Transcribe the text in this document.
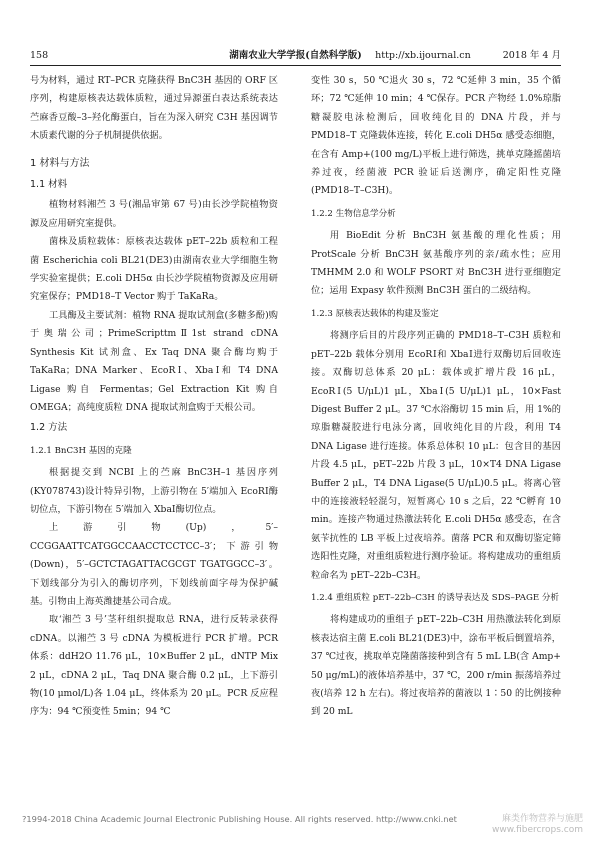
158	湖南农业大学学报(自然科学版)	http://xb.ijournal.cn	2018 年 4 月

号为材料，通过 RT–PCR 克隆获得 BnC3H 基因的 ORF 区序列，构建原核表达载体质粒，通过异源蛋白表达系统表达苎麻香豆酸–3–羟化酶蛋白，旨在为深入研究 C3H 基因调节木质素代谢的分子机制提供依据。

1 材料与方法

1.1 材料

植物材料湘苎 3 号(湘品审第 67 号)由长沙学院植物资源及应用研究室提供。

菌株及质粒载体：原核表达载体 pET–22b 质粒和工程菌 Escherichia coli BL21(DE3)由湖南农业大学细胞生物学实验室提供；E.coli DH5α 由长沙学院植物资源及应用研究室保存；PMD18–T Vector 购于 TaKaRa。

工具酶及主要试剂：植物 RNA 提取试剂盒(多糖多酚)购于奥瑞公司；PrimeScripttmⅡ1st strand cDNA Synthesis Kit 试剂盒、Ex Taq DNA 聚合酶均购于 TaKaRa；DNA Marker、EcoRⅠ、XbaⅠ和 T4 DNA Ligase 购自 Fermentas；Gel Extraction Kit 购自 OMEGA；高纯度质粒 DNA 提取试剂盒购于天根公司。

1.2 方法

1.2.1 BnC3H 基因的克隆

根据提交到 NCBI 上的苎麻 BnC3H–1 基因序列(KY078743)设计特异引物，上游引物在 5′端加入 EcoRⅠ酶切位点，下游引物在 5′端加入 XbaⅠ酶切位点。

上游引物(Up)，5′–CCGGAATTCATGGCCAACCTCCTCC–3′；下游引物(Down)，5′–GCTCTAGATTACGCGT TGATGGCC–3′。下划线部分为引入的酶切序列，下划线前面字母为保护碱基。引物由上海英潍捷基公司合成。

取‘湘苎 3 号’茎秆组织提取总 RNA，进行反转录获得 cDNA。以湘苎 3 号 cDNA 为模板进行 PCR 扩增。PCR 体系：ddH2O 11.76 μL，10×Buffer 2 μL，dNTP Mix 2 μL，cDNA 2 μL，Taq DNA 聚合酶 0.2 μL，上下游引物(10 μmol/L)各 1.04 μL，终体系为 20 μL。PCR 反应程序为：94 ℃预变性 5min；94 ℃

变性 30 s，50 ℃退火 30 s，72 ℃延伸 3 min，35 个循环；72 ℃延伸 10 min；4 ℃保存。PCR 产物经 1.0%琼脂糖凝胶电泳检测后，回收纯化目的 DNA 片段，并与 PMD18–T 克隆载体连接，转化 E.coli DH5α 感受态细胞，在含有 Amp+(100 mg/L)平板上进行筛选，挑单克隆摇菌培养过夜，经菌液 PCR 验证后送测序，确定阳性克隆(PMD18–T–C3H)。

1.2.2 生物信息学分析

用 BioEdit 分析 BnC3H 氨基酸的理化性质；用 ProtScale 分析 BnC3H 氨基酸序列的亲/疏水性；应用 TMHMM 2.0 和 WOLF PSORT 对 BnC3H 进行亚细胞定位；运用 Expasy 软件预测 BnC3H 蛋白的二级结构。

1.2.3 原核表达载体的构建及鉴定

将测序后目的片段序列正确的 PMD18–T–C3H 质粒和 pET–22b 载体分别用 EcoRⅠ和 XbaⅠ进行双酶切后回收连接。双酶切总体系 20 μL：载体或扩增片段 16 μL，EcoRⅠ(5 U/μL)1 μL，XbaⅠ(5 U/μL)1 μL，10×Fast Digest Buffer 2 μL。37 ℃水浴酶切 15 min 后，用 1%的琼脂糖凝胶进行电泳分离，回收纯化目的片段，利用 T4 DNA Ligase 进行连接。体系总体积 10 μL：包含目的基因片段 4.5 μL，pET–22b 片段 3 μL，10×T4 DNA Ligase Buffer 2 μL，T4 DNA Ligase(5 U/μL)0.5 μL。将离心管中的连接液轻轻混匀，短暂离心 10 s 之后，22 ℃孵育 10 min。连接产物通过热激法转化 E.coli DH5α 感受态，在含氨苄抗性的 LB 平板上过夜培养。菌落 PCR 和双酶切鉴定筛选阳性克隆，对重组质粒进行测序验证。将构建成功的重组质粒命名为 pET–22b–C3H。

1.2.4 重组质粒 pET–22b–C3H 的诱导表达及 SDS–PAGE 分析

将构建成功的重组子 pET–22b–C3H 用热激法转化到原核表达宿主菌 E.coli BL21(DE3)中，涂布平板后倒置培养，37 ℃过夜，挑取单克隆菌落接种到含有 5 mL LB(含 Amp+ 50 μg/mL)的液体培养基中，37 ℃，200 r/min 振荡培养过夜(培养 12 h 左右)。将过夜培养的菌液以 1∶50 的比例接种到 20 mL

?1994-2018 China Academic Journal Electronic Publishing House. All rights reserved. http://www.cnki.net	麻类作物营养与施肥
www.fibercrops.com
